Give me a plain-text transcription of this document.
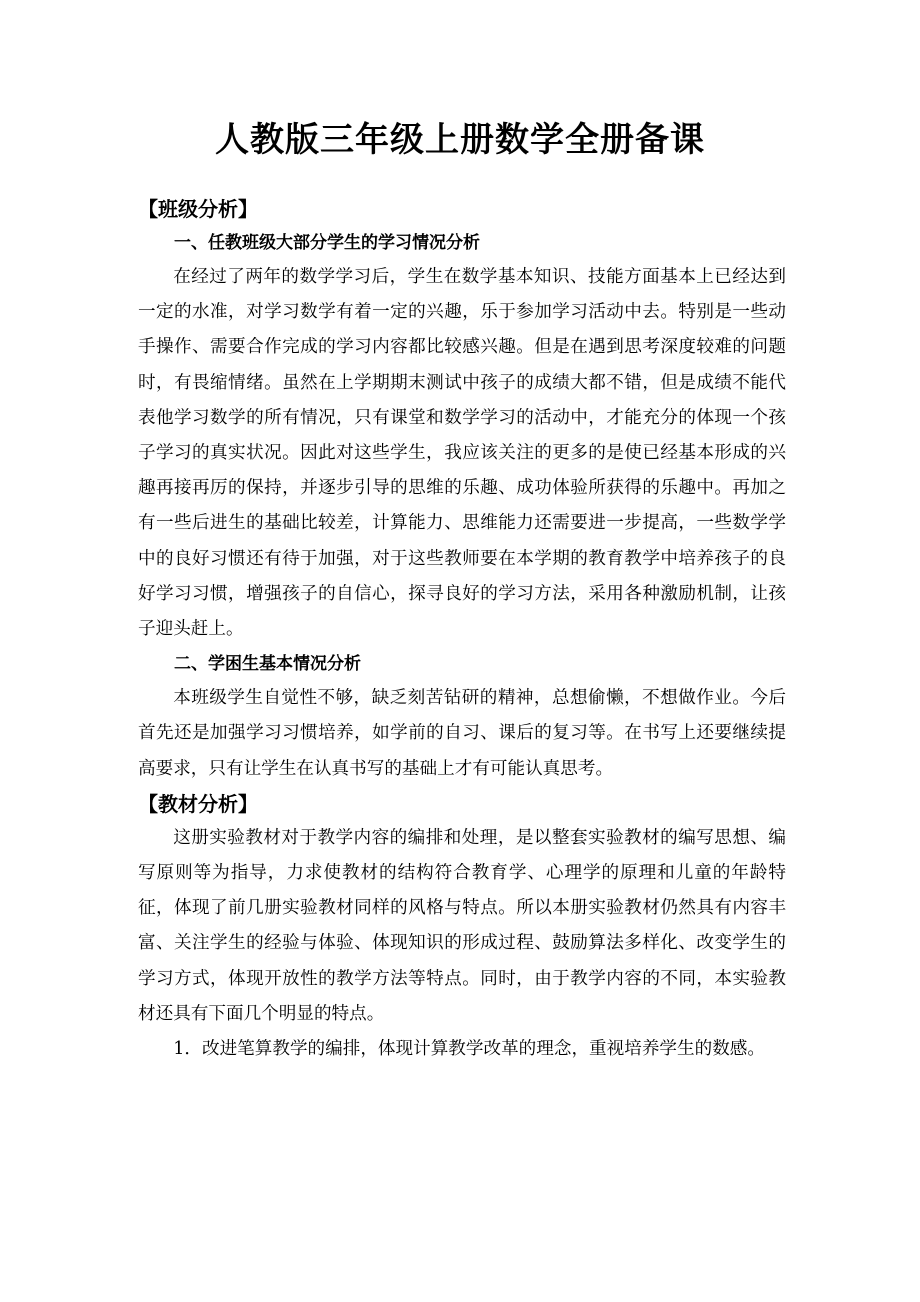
人教版三年级上册数学全册备课
【班级分析】
一、任教班级大部分学生的学习情况分析

在经过了两年的数学学习后，学生在数学基本知识、技能方面基本上已经达到一定的水准，对学习数学有着一定的兴趣，乐于参加学习活动中去。特别是一些动手操作、需要合作完成的学习内容都比较感兴趣。但是在遇到思考深度较难的问题时，有畏缩情绪。虽然在上学期期末测试中孩子的成绩大都不错，但是成绩不能代表他学习数学的所有情况，只有课堂和数学学习的活动中，才能充分的体现一个孩子学习的真实状况。因此对这些学生，我应该关注的更多的是使已经基本形成的兴趣再接再厉的保持，并逐步引导的思维的乐趣、成功体验所获得的乐趣中。再加之有一些后进生的基础比较差，计算能力、思维能力还需要进一步提高，一些数学学中的良好习惯还有待于加强，对于这些教师要在本学期的教育教学中培养孩子的良好学习习惯，增强孩子的自信心，探寻良好的学习方法，采用各种激励机制，让孩子迎头赶上。

二、学困生基本情况分析

本班级学生自觉性不够，缺乏刻苦钻研的精神，总想偷懒，不想做作业。今后首先还是加强学习习惯培养，如学前的自习、课后的复习等。在书写上还要继续提高要求，只有让学生在认真书写的基础上才有可能认真思考。

【教材分析】

这册实验教材对于教学内容的编排和处理，是以整套实验教材的编写思想、编写原则等为指导，力求使教材的结构符合教育学、心理学的原理和儿童的年龄特征，体现了前几册实验教材同样的风格与特点。所以本册实验教材仍然具有内容丰富、关注学生的经验与体验、体现知识的形成过程、鼓励算法多样化、改变学生的学习方式，体现开放性的教学方法等特点。同时，由于教学内容的不同，本实验教材还具有下面几个明显的特点。

1．改进笔算教学的编排，体现计算教学改革的理念，重视培养学生的数感。
